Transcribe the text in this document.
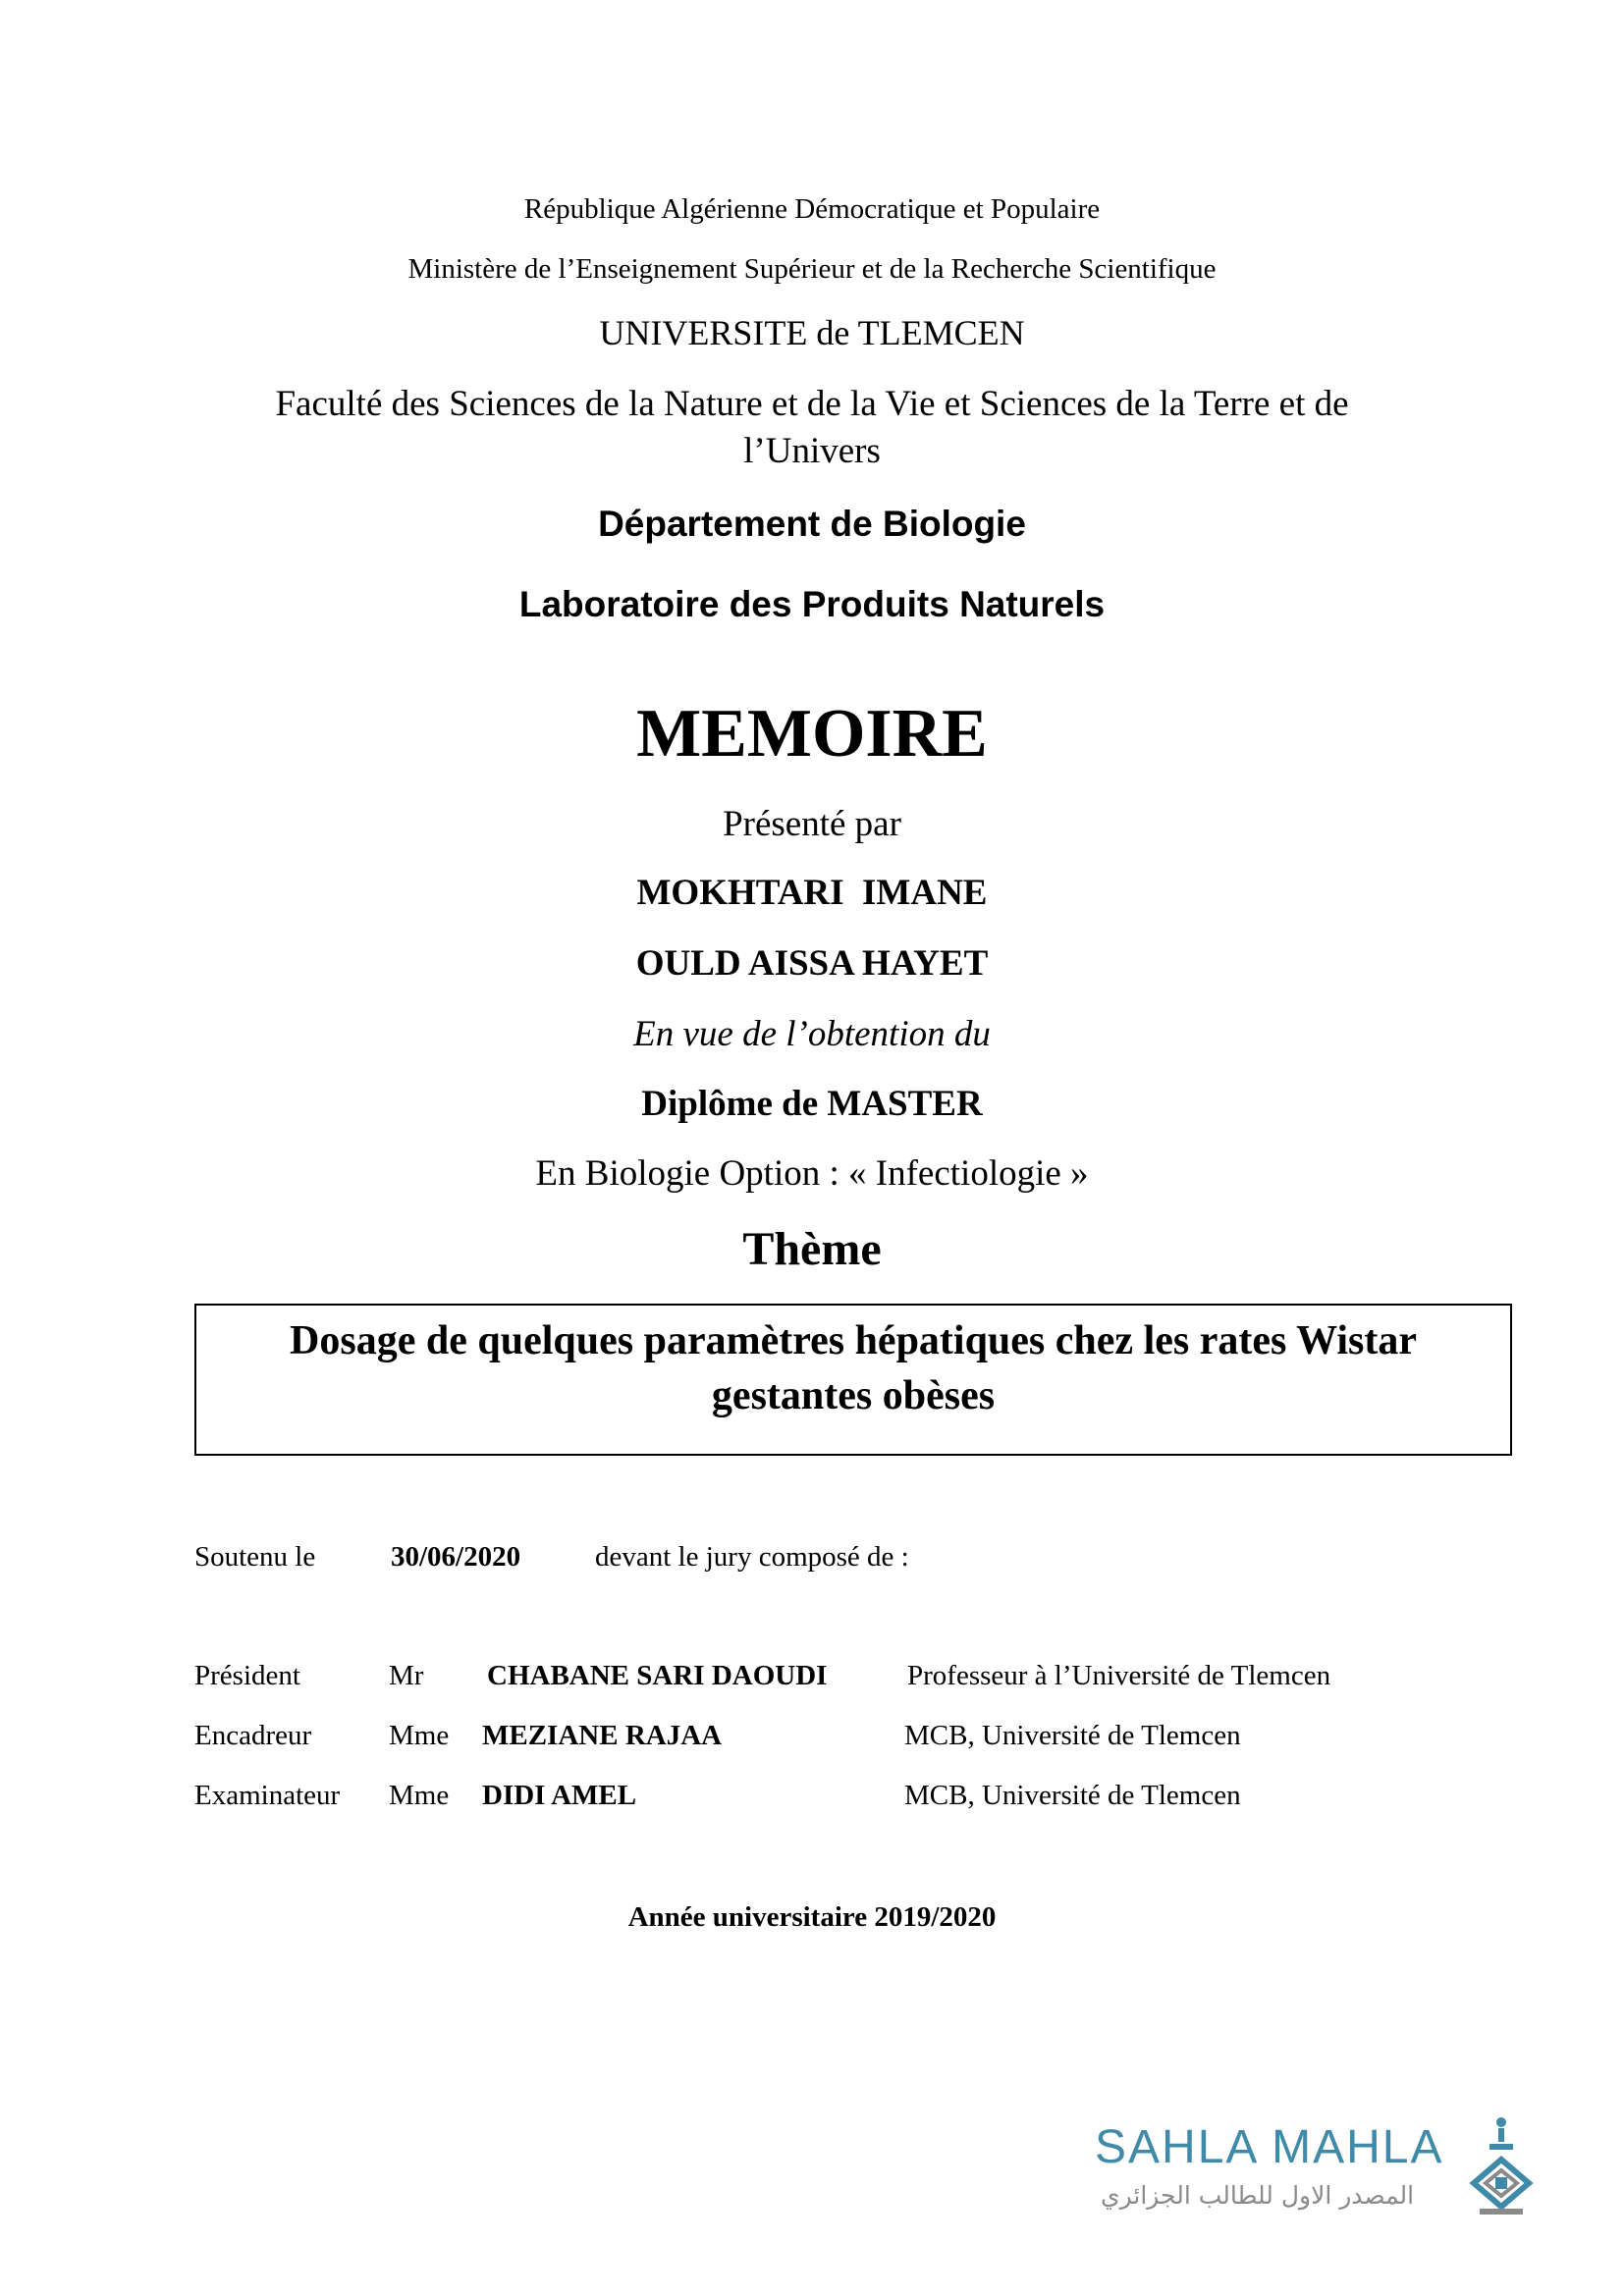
République Algérienne Démocratique et Populaire
Ministère de l’Enseignement Supérieur et de la Recherche Scientifique
UNIVERSITE de TLEMCEN
Faculté des Sciences de la Nature et de la Vie et Sciences de la Terre et de
l’Univers
Département de Biologie
Laboratoire des Produits Naturels
MEMOIRE
Présenté par
MOKHTARI  IMANE
OULD AISSA HAYET
En vue de l’obtention du
Diplôme de MASTER
En Biologie Option : « Infectiologie »
Thème
Dosage de quelques paramètres hépatiques chez les rates Wistar
gestantes obèses
Soutenu le	30/06/2020	devant le jury composé de :
Président	Mr CHABANE SARI DAOUDI	Professeur à l’Université de Tlemcen
Encadreur	Mme MEZIANE RAJAA	MCB, Université de Tlemcen
Examinateur Mme DIDI AMEL	MCB, Université de Tlemcen
Année universitaire 2019/2020
SAHLA MAHLA
المصدر الاول للطالب الجزائري
